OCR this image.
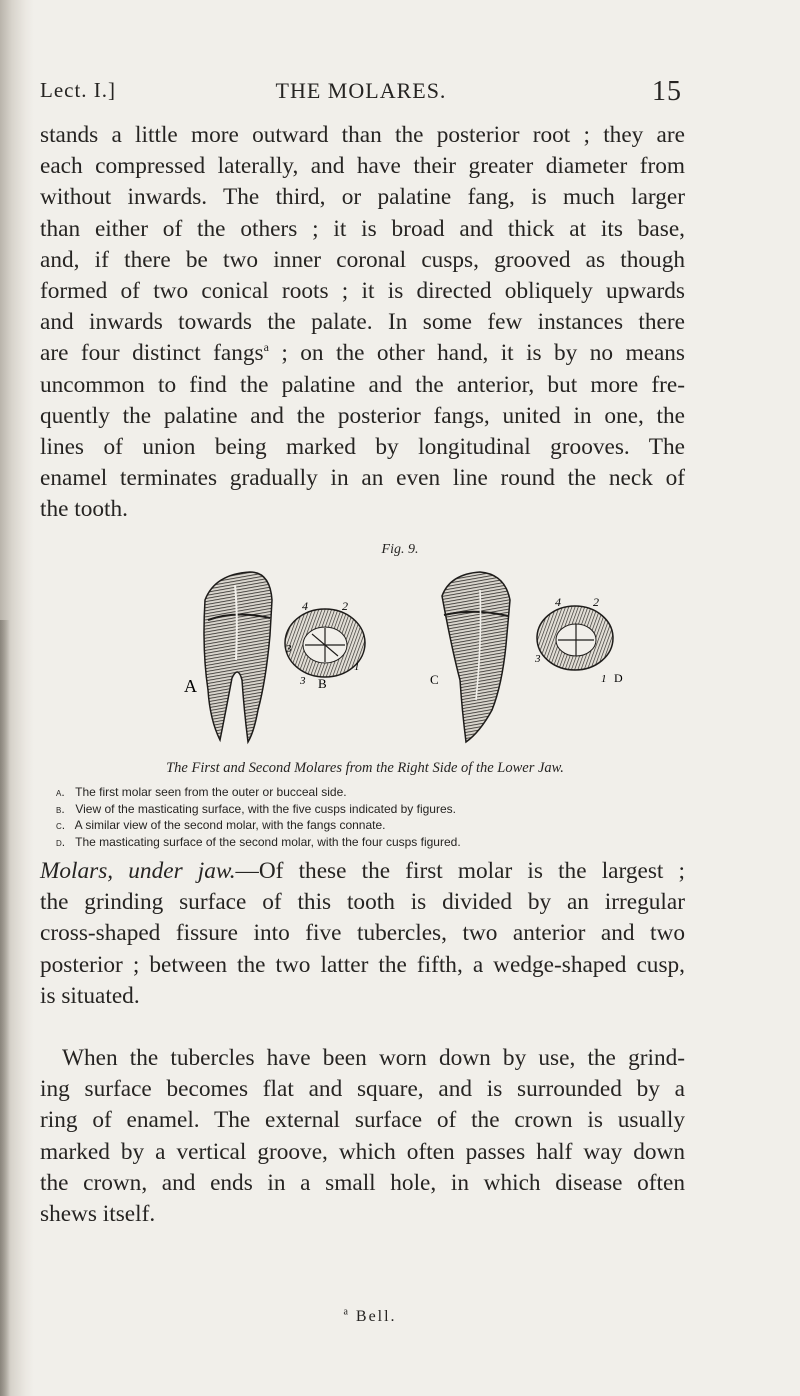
Lect. I.]	THE MOLARES.	15
stands a little more outward than the posterior root ; they are
each compressed laterally, and have their greater diameter from
without inwards. The third, or palatine fang, is much larger
than either of the others ; it is broad and thick at its base,
and, if there be two inner coronal cusps, grooved as though
formed of two conical roots ; it is directed obliquely upwards
and inwards towards the palate. In some few instances there
are four distinct fangs$^a$ ; on the other hand, it is by no means
uncommon to find the palatine and the anterior, but more fre-
quently the palatine and the posterior fangs, united in one, the
lines of union being marked by longitudinal grooves. The
enamel terminates gradually in an even line round the neck of
the tooth.
Fig. 9.
A
4	2
3
1
3 B	C
4	2
3
1 D
The First and Second Molares from the Right Side of the Lower Jaw.
a. The first molar seen from the outer or bucceal side.
b. View of the masticating surface, with the five cusps indicated by figures.
c. A similar view of the second molar, with the fangs connate.
d. The masticating surface of the second molar, with the four cusps figured.
Molars, under jaw.—Of these the first molar is the largest ;
the grinding surface of this tooth is divided by an irregular
cross-shaped fissure into five tubercles, two anterior and two
posterior ; between the two latter the fifth, a wedge-shaped cusp,
is situated.
When the tubercles have been worn down by use, the grind-
ing surface becomes flat and square, and is surrounded by a
ring of enamel. The external surface of the crown is usually
marked by a vertical groove, which often passes half way down
the crown, and ends in a small hole, in which disease often
shews itself.
$^a$ Bell.
